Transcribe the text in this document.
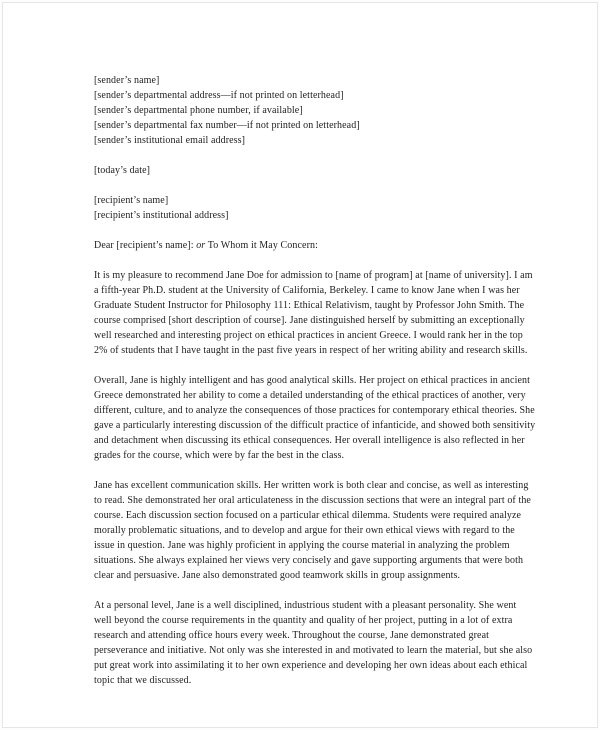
[sender’s name]
[sender’s departmental address—if not printed on letterhead]
[sender’s departmental phone number, if available]
[sender’s departmental fax number—if not printed on letterhead]
[sender’s institutional email address]
[today’s date]
[recipient’s name]
[recipient’s institutional address]
Dear [recipient’s name]: or To Whom it May Concern:

It is my pleasure to recommend Jane Doe for admission to [name of program] at [name of university]. I am
a fifth-year Ph.D. student at the University of California, Berkeley. I came to know Jane when I was her
Graduate Student Instructor for Philosophy 111: Ethical Relativism, taught by Professor John Smith. The
course comprised [short description of course]. Jane distinguished herself by submitting an exceptionally
well researched and interesting project on ethical practices in ancient Greece. I would rank her in the top
2% of students that I have taught in the past five years in respect of her writing ability and research skills.

Overall, Jane is highly intelligent and has good analytical skills. Her project on ethical practices in ancient
Greece demonstrated her ability to come a detailed understanding of the ethical practices of another, very
different, culture, and to analyze the consequences of those practices for contemporary ethical theories. She
gave a particularly interesting discussion of the difficult practice of infanticide, and showed both sensitivity
and detachment when discussing its ethical consequences. Her overall intelligence is also reflected in her
grades for the course, which were by far the best in the class.

Jane has excellent communication skills. Her written work is both clear and concise, as well as interesting
to read. She demonstrated her oral articulateness in the discussion sections that were an integral part of the
course. Each discussion section focused on a particular ethical dilemma. Students were required analyze
morally problematic situations, and to develop and argue for their own ethical views with regard to the
issue in question. Jane was highly proficient in applying the course material in analyzing the problem
situations. She always explained her views very concisely and gave supporting arguments that were both
clear and persuasive. Jane also demonstrated good teamwork skills in group assignments.

At a personal level, Jane is a well disciplined, industrious student with a pleasant personality. She went
well beyond the course requirements in the quantity and quality of her project, putting in a lot of extra
research and attending office hours every week. Throughout the course, Jane demonstrated great
perseverance and initiative. Not only was she interested in and motivated to learn the material, but she also
put great work into assimilating it to her own experience and developing her own ideas about each ethical
topic that we discussed.
